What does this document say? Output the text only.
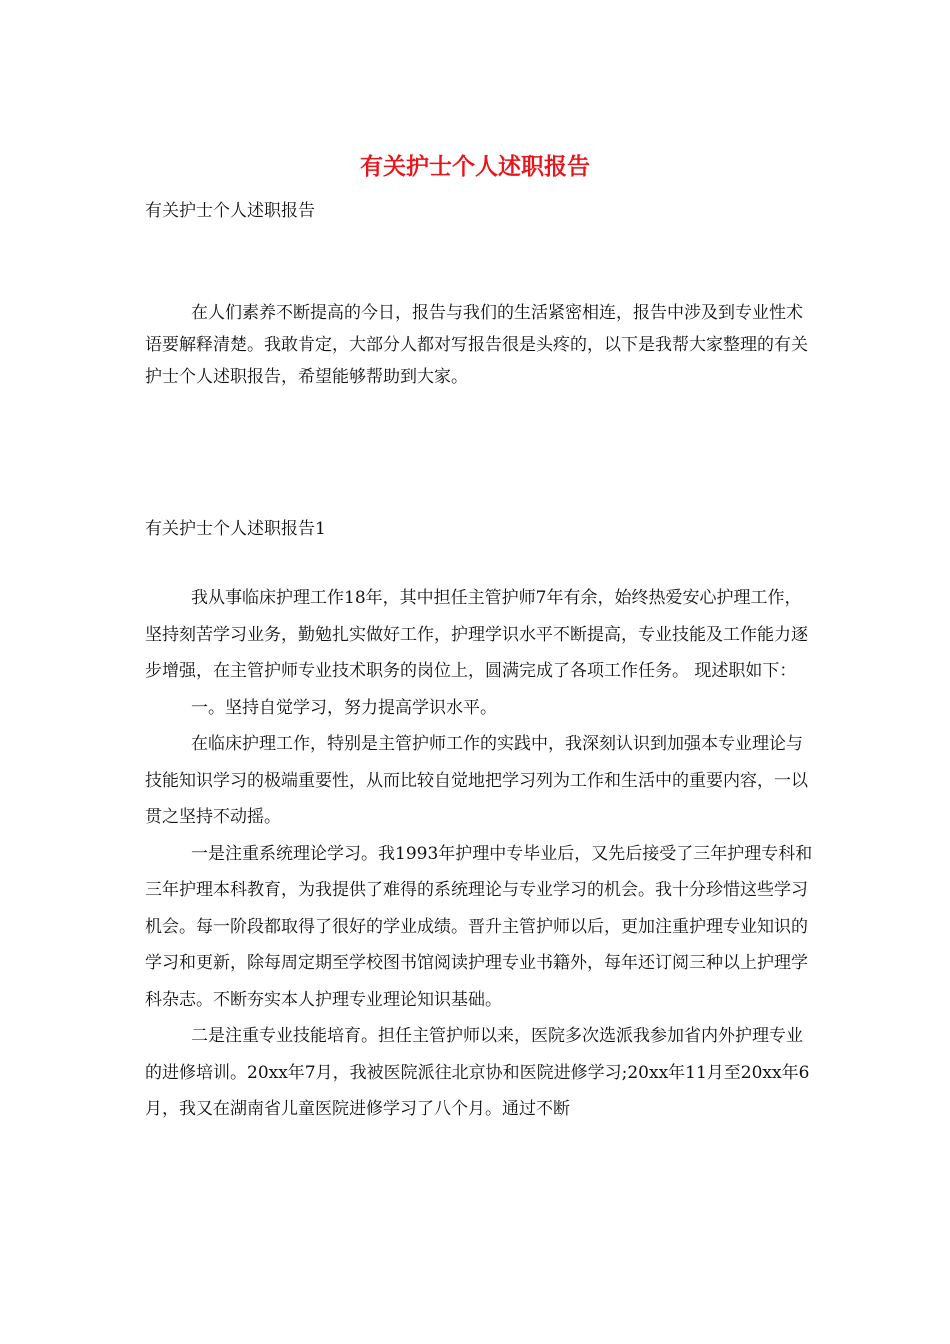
有关护士个人述职报告

有关护士个人述职报告

在人们素养不断提高的今日，报告与我们的生活紧密相连，报告中涉及到专业性术语要解释清楚。我敢肯定，大部分人都对写报告很是头疼的，以下是我帮大家整理的有关护士个人述职报告，希望能够帮助到大家。

有关护士个人述职报告1

我从事临床护理工作18年，其中担任主管护师7年有余，始终热爱安心护理工作，坚持刻苦学习业务，勤勉扎实做好工作，护理学识水平不断提高，专业技能及工作能力逐步增强，在主管护师专业技术职务的岗位上，圆满完成了各项工作任务。 现述职如下：

一。坚持自觉学习，努力提高学识水平。

在临床护理工作，特别是主管护师工作的实践中，我深刻认识到加强本专业理论与技能知识学习的极端重要性，从而比较自觉地把学习列为工作和生活中的重要内容，一以贯之坚持不动摇。

一是注重系统理论学习。我1993年护理中专毕业后，又先后接受了三年护理专科和三年护理本科教育，为我提供了难得的系统理论与专业学习的机会。我十分珍惜这些学习机会。每一阶段都取得了很好的学业成绩。晋升主管护师以后，更加注重护理专业知识的学习和更新，除每周定期至学校图书馆阅读护理专业书籍外，每年还订阅三种以上护理学科杂志。不断夯实本人护理专业理论知识基础。

二是注重专业技能培育。担任主管护师以来，医院多次选派我参加省内外护理专业的进修培训。20xx年7月，我被医院派往北京协和医院进修学习;20xx年11月至20xx年6月，我又在湖南省儿童医院进修学习了八个月。通过不断
